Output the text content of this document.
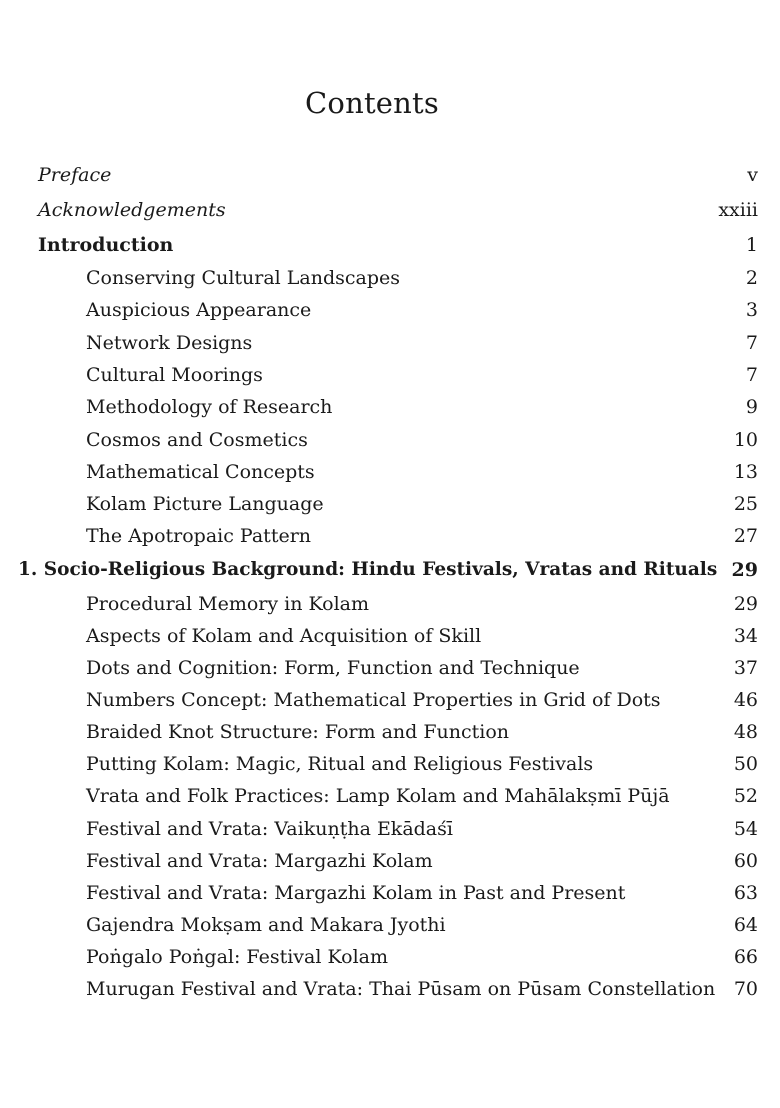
Contents
Preface	v
Acknowledgements	xxiii
Introduction	1
Conserving Cultural Landscapes	2
Auspicious Appearance	3
Network Designs	7
Cultural Moorings	7
Methodology of Research	9
Cosmos and Cosmetics	10
Mathematical Concepts	13
Kolam Picture Language	25
The Apotropaic Pattern	27
1. Socio-Religious Background: Hindu Festivals, Vratas and Rituals 29
Procedural Memory in Kolam	29
Aspects of Kolam and Acquisition of Skill	34
Dots and Cognition: Form, Function and Technique	37
Numbers Concept: Mathematical Properties in Grid of Dots	46
Braided Knot Structure: Form and Function	48
Putting Kolam: Magic, Ritual and Religious Festivals	50
Vrata and Folk Practices: Lamp Kolam and Mahālakṣmī Pūjā	52
Festival and Vrata: Vaikuṇṭha Ekādaśī	54
Festival and Vrata: Margazhi Kolam	60
Festival and Vrata: Margazhi Kolam in Past and Present	63
Gajendra Mokṣam and Makara Jyothi	64
Poṅgalo Poṅgal: Festival Kolam	66
Murugan Festival and Vrata: Thai Pūsam on Pūsam Constellation 70
